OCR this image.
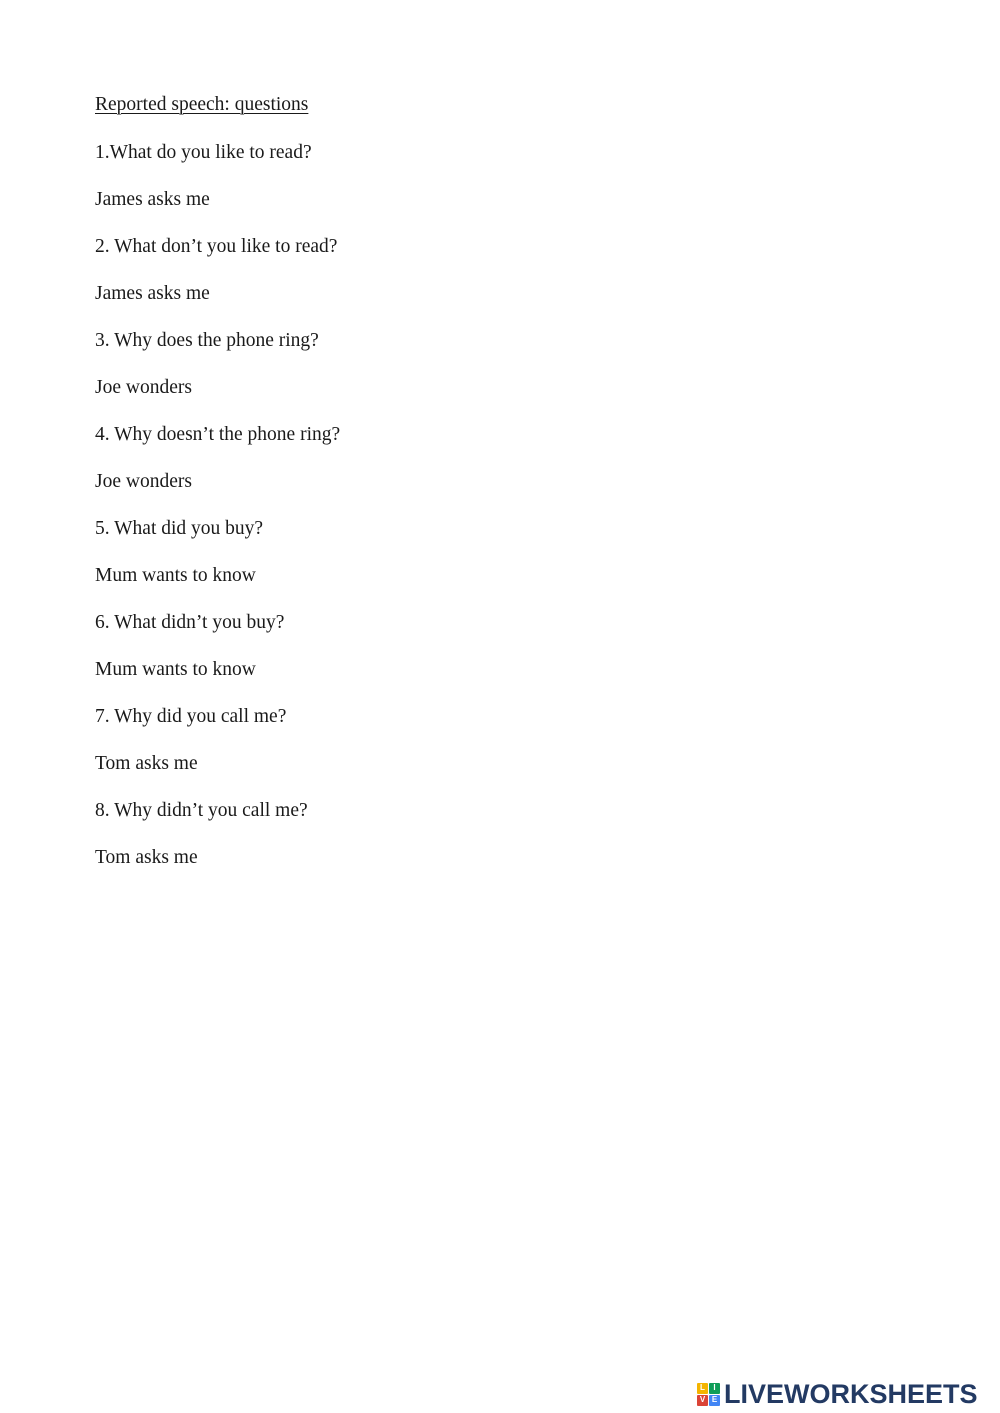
Reported speech: questions
1.What do you like to read?
James asks me
2. What don’t you like to read?
James asks me
3. Why does the phone ring?
Joe wonders
4. Why doesn’t the phone ring?
Joe wonders
5. What did you buy?
Mum wants to know
6. What didn’t you buy?
Mum wants to know
7. Why did you call me?
Tom asks me
8. Why didn’t you call me?
Tom asks me
L	I
V E LIVEWORKSHEETS
